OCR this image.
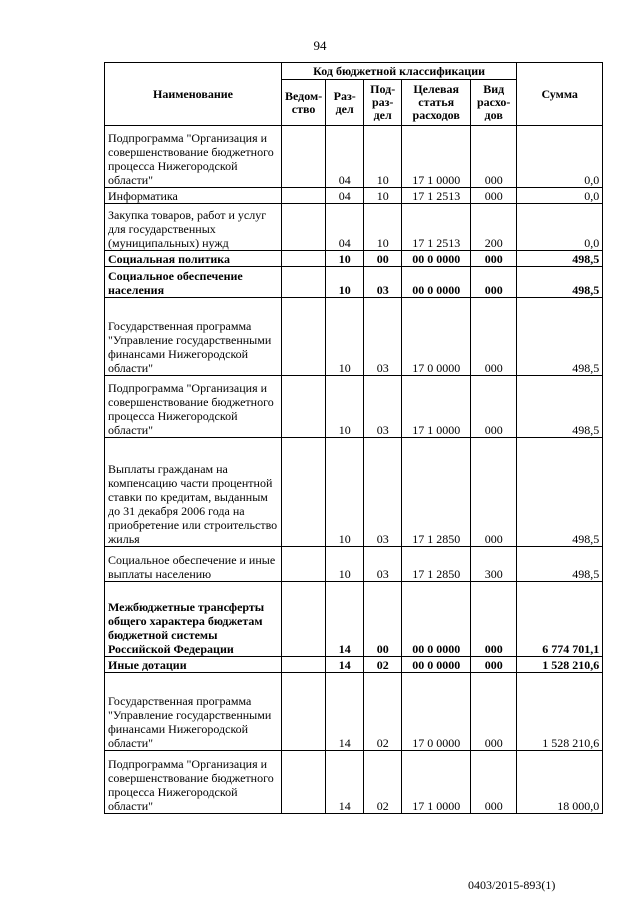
94
Наименование	Код бюджетной классификации					Сумма
	Ведом-ство	Раз-дел	Под-раз-дел	Целевая статья расходов	Вид расхо-дов	
Подпрограмма "Организация и совершенствование бюджетного процесса Нижегородской области"		04	10	17 1 0000	000	0,0
Информатика		04	10	17 1 2513	000	0,0
Закупка товаров, работ и услуг для государственных (муниципальных) нужд		04	10	17 1 2513	200	0,0
Социальная политика		10	00	00 0 0000	000	498,5
Социальное обеспечение населения		10	03	00 0 0000	000	498,5
Государственная программа "Управление государственными финансами Нижегородской области"		10	03	17 0 0000	000	498,5
Подпрограмма "Организация и совершенствование бюджетного процесса Нижегородской области"		10	03	17 1 0000	000	498,5
Выплаты гражданам на компенсацию части процентной ставки по кредитам, выданным до 31 декабря 2006 года на приобретение или строительство жилья		10	03	17 1 2850	000	498,5
Социальное обеспечение и иные выплаты населению		10	03	17 1 2850	300	498,5
Межбюджетные трансферты общего характера бюджетам бюджетной системы Российской Федерации		14	00	00 0 0000	000	6 774 701,1
Иные дотации		14	02	00 0 0000	000	1 528 210,6
Государственная программа "Управление государственными финансами Нижегородской области"		14	02	17 0 0000	000	1 528 210,6
Подпрограмма "Организация и совершенствование бюджетного процесса Нижегородской области"		14	02	17 1 0000	000	18 000,0
0403/2015-893(1)
